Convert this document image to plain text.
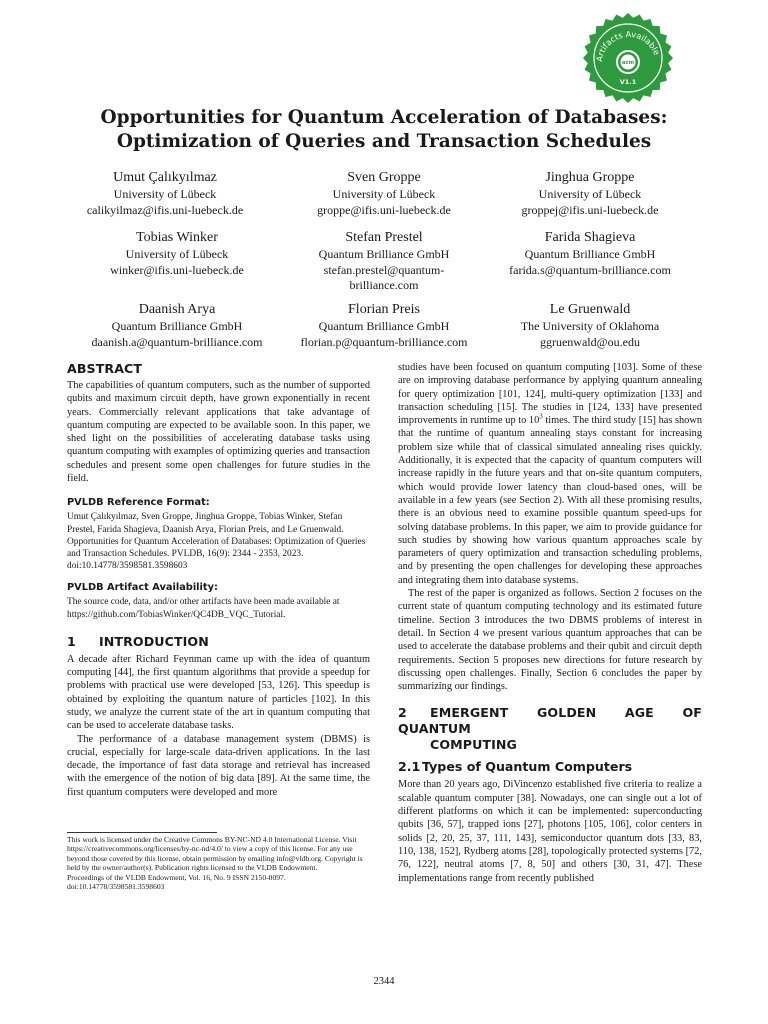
Artifacts Available
acm
V1.1
Opportunities for Quantum Acceleration of Databases:
Optimization of Queries and Transaction Schedules
Umut Çalıkyılmaz
University of Lübeck
calikyilmaz@ifis.uni-luebeck.de
Sven Groppe
University of Lübeck
groppe@ifis.uni-luebeck.de
Jinghua Groppe
University of Lübeck
groppej@ifis.uni-luebeck.de
Tobias Winker
University of Lübeck
winker@ifis.uni-luebeck.de
Stefan Prestel
Quantum Brilliance GmbH
stefan.prestel@quantum-
brilliance.com
Farida Shagieva
Quantum Brilliance GmbH
farida.s@quantum-brilliance.com
Daanish Arya
Quantum Brilliance GmbH
daanish.a@quantum-brilliance.com
Florian Preis
Quantum Brilliance GmbH
florian.p@quantum-brilliance.com
Le Gruenwald
The University of Oklahoma
ggruenwald@ou.edu
ABSTRACT

The capabilities of quantum computers, such as the number of supported qubits and maximum circuit depth, have grown exponentially in recent years. Commercially relevant applications that take advantage of quantum computing are expected to be available soon. In this paper, we shed light on the possibilities of accelerating database tasks using quantum computing with examples of optimizing queries and transaction schedules and present some open challenges for future studies in the field.

PVLDB Reference Format:

Umut Çalıkyılmaz, Sven Groppe, Jinghua Groppe, Tobias Winker, Stefan Prestel, Farida Shagieva, Daanish Arya, Florian Preis, and Le Gruenwald. Opportunities for Quantum Acceleration of Databases: Optimization of Queries and Transaction Schedules. PVLDB, 16(9): 2344 - 2353, 2023.

doi:10.14778/3598581.3598603

PVLDB Artifact Availability:

The source code, data, and/or other artifacts have been made available at https://github.com/TobiasWinker/QC4DB_VQC_Tutorial.

1 INTRODUCTION

A decade after Richard Feynman came up with the idea of quantum computing [44], the first quantum algorithms that provide a speedup for problems with practical use were developed [53, 126]. This speedup is obtained by exploiting the quantum nature of particles [102]. In this study, we analyze the current state of the art in quantum computing that can be used to accelerate database tasks.

The performance of a database management system (DBMS) is crucial, especially for large-scale data-driven applications. In the last decade, the importance of fast data storage and retrieval has increased with the emergence of the notion of big data [89]. At the same time, the first quantum computers were developed and more

This work is licensed under the Creative Commons BY-NC-ND 4.0 International License. Visit https://creativecommons.org/licenses/by-nc-nd/4.0/ to view a copy of this license. For any use beyond those covered by this license, obtain permission by emailing info@vldb.org. Copyright is held by the owner/author(s). Publication rights licensed to the VLDB Endowment.

Proceedings of the VLDB Endowment, Vol. 16, No. 9 ISSN 2150-8097.

doi:10.14778/3598581.3598603

studies have been focused on quantum computing [103]. Some of these are on improving database performance by applying quantum annealing for query optimization [101, 124], multi-query optimization [133] and transaction scheduling [15]. The studies in [124, 133] have presented improvements in runtime up to $10^3$ times. The third study [15] has shown that the runtime of quantum annealing stays constant for increasing problem size while that of classical simulated annealing rises quickly. Additionally, it is expected that the capacity of quantum computers will increase rapidly in the future years and that on-site quantum computers, which would provide lower latency than cloud-based ones, will be available in a few years (see Section 2). With all these promising results, there is an obvious need to examine possible quantum speed-ups for solving database problems. In this paper, we aim to provide guidance for such studies by showing how various quantum approaches scale by parameters of query optimization and transaction scheduling problems, and by presenting the open challenges for developing these approaches and integrating them into database systems.

The rest of the paper is organized as follows. Section 2 focuses on the current state of quantum computing technology and its estimated future timeline. Section 3 introduces the two DBMS problems of interest in detail. In Section 4 we present various quantum approaches that can be used to accelerate the database problems and their qubit and circuit depth requirements. Section 5 proposes new directions for future research by discussing open challenges. Finally, Section 6 concludes the paper by summarizing our findings.

2 EMERGENT GOLDEN AGE OF QUANTUM
COMPUTING
2.1 Types of Quantum Computers

More than 20 years ago, DiVincenzo established five criteria to realize a scalable quantum computer [38]. Nowadays, one can single out a lot of different platforms on which it can be implemented: superconducting qubits [36, 57], trapped ions [27], photons [105, 106], color centers in solids [2, 20, 25, 37, 111, 143], semiconductor quantum dots [33, 83, 110, 138, 152], Rydberg atoms [28], topologically protected systems [72, 76, 122], neutral atoms [7, 8, 50] and others [30, 31, 47]. These implementations range from recently published

2344
